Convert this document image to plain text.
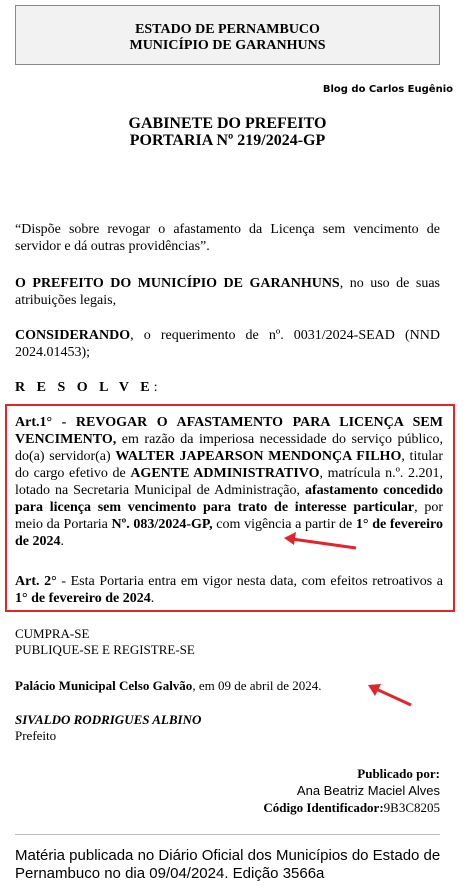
ESTADO DE PERNAMBUCO
MUNICÍPIO DE GARANHUNS
Blog do Carlos Eugênio
GABINETE DO PREFEITO
PORTARIA Nº 219/2024-GP

“Dispõe sobre revogar o afastamento da Licença sem vencimento de servidor e dá outras providências”.

O PREFEITO DO MUNICÍPIO DE GARANHUNS, no uso de suas atribuições legais,

CONSIDERANDO, o requerimento de nº. 0031/2024-SEAD (NND 2024.01453);

R E S O L V E:

Art.1° - REVOGAR O AFASTAMENTO PARA LICENÇA SEM VENCIMENTO, em razão da imperiosa necessidade do serviço público, do(a) servidor(a) WALTER JAPEARSON MENDONÇA FILHO, titular do cargo efetivo de AGENTE ADMINISTRATIVO, matrícula n.º. 2.201, lotado na Secretaria Municipal de Administração, afastamento concedido para licença sem vencimento para trato de interesse particular, por meio da Portaria Nº. 083/2024-GP, com vigência a partir de 1° de fevereiro de 2024.

Art. 2° - Esta Portaria entra em vigor nesta data, com efeitos retroativos a 1° de fevereiro de 2024.

CUMPRA-SE
PUBLIQUE-SE E REGISTRE-SE

Palácio Municipal Celso Galvão, em 09 de abril de 2024.

SIVALDO RODRIGUES ALBINO
Prefeito

Publicado por:
Ana Beatriz Maciel Alves
Código Identificador:9B3C8205
Matéria publicada no Diário Oficial dos Municípios do Estado de Pernambuco no dia 09/04/2024. Edição 3566a
